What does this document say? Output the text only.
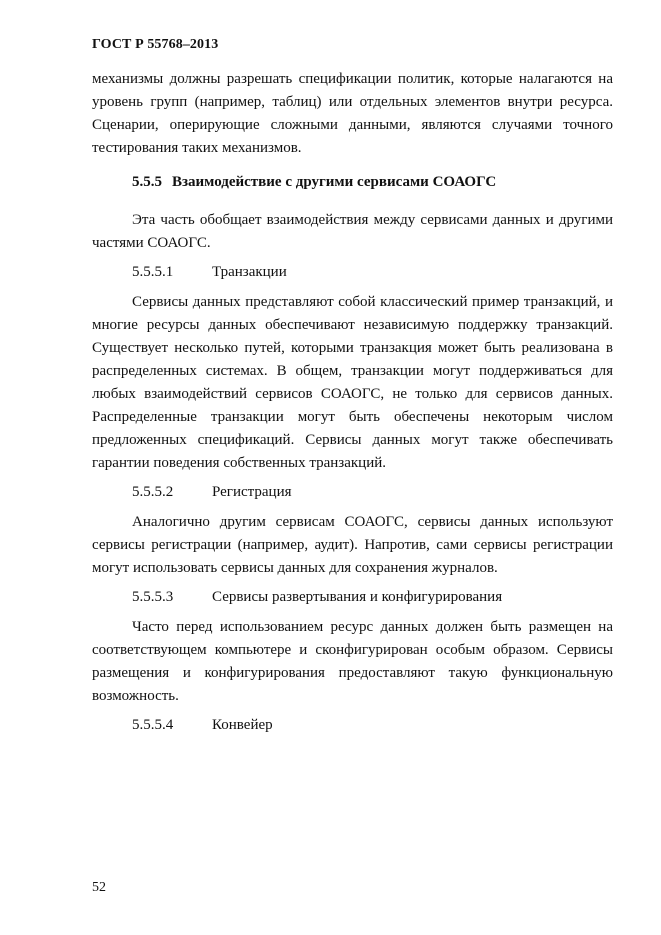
ГОСТ Р 55768–2013

механизмы должны разрешать спецификации политик, которые налагаются на уровень групп (например, таблиц) или отдельных элементов внутри ресурса. Сценарии, оперирующие сложными данными, являются случаями точного тестирования таких механизмов.

5.5.5 Взаимодействие с другими сервисами СОАОГС

Эта часть обобщает взаимодействия между сервисами данных и другими частями СОАОГС.

5.5.5.1	Транзакции

Сервисы данных представляют собой классический пример транзакций, и многие ресурсы данных обеспечивают независимую поддержку транзакций. Существует несколько путей, которыми транзакция может быть реализована в распределенных системах. В общем, транзакции могут поддерживаться для любых взаимодействий сервисов СОАОГС, не только для сервисов данных. Распределенные транзакции могут быть обеспечены некоторым числом предложенных спецификаций. Сервисы данных могут также обеспечивать гарантии поведения собственных транзакций.

5.5.5.2	Регистрация

Аналогично другим сервисам СОАОГС, сервисы данных используют сервисы регистрации (например, аудит). Напротив, сами сервисы регистрации могут использовать сервисы данных для сохранения журналов.

5.5.5.3	Сервисы развертывания и конфигурирования

Часто перед использованием ресурс данных должен быть размещен на соответствующем компьютере и сконфигурирован особым образом. Сервисы размещения и конфигурирования предоставляют такую функциональную возможность.

5.5.5.4	Конвейер
52
